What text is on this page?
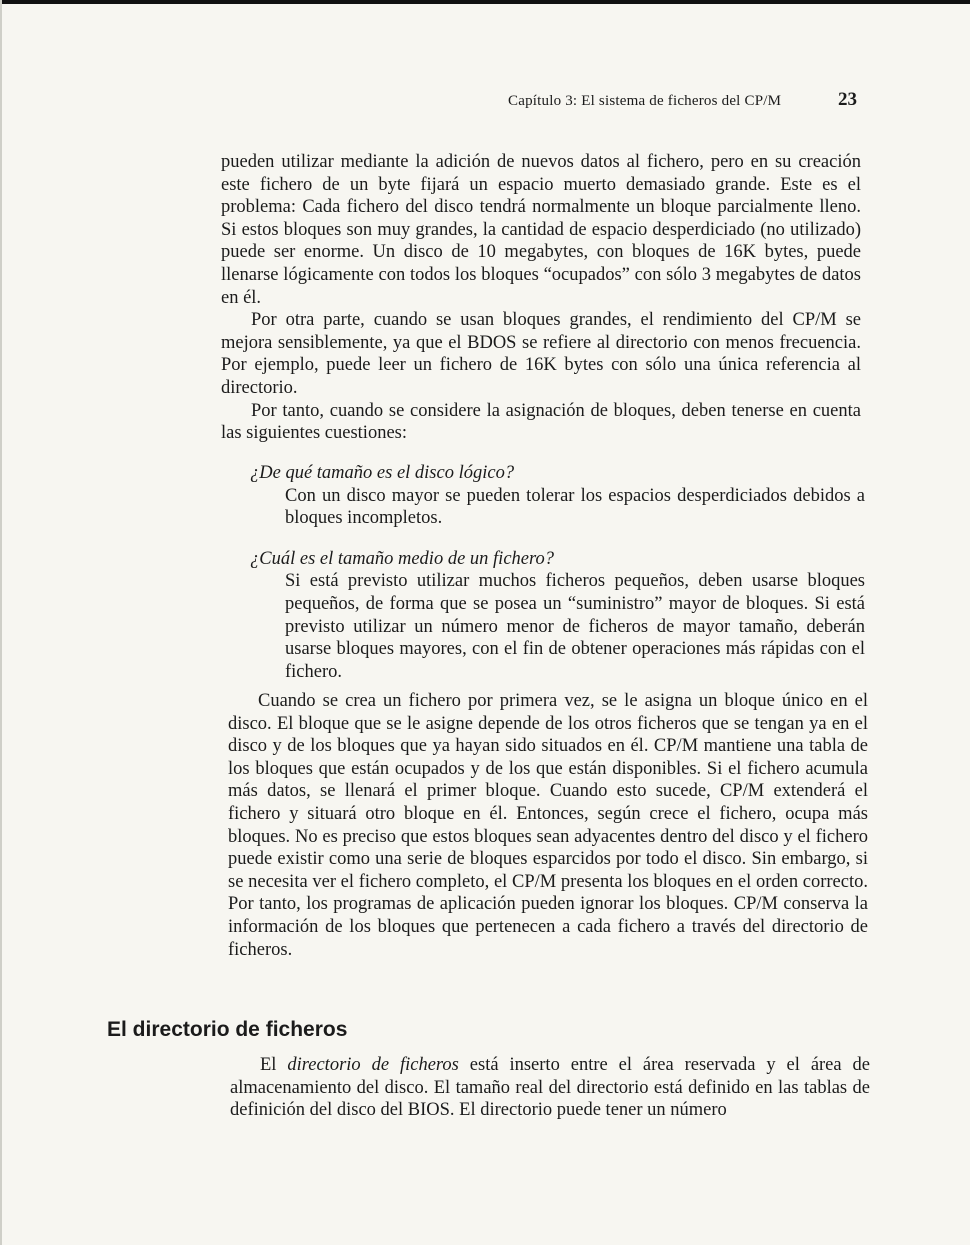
Capítulo 3: El sistema de ficheros del CP/M	23

pueden utilizar mediante la adición de nuevos datos al fichero, pero en su creación este fichero de un byte fijará un espacio muerto demasiado grande. Este es el problema: Cada fichero del disco tendrá normalmente un bloque parcialmente lleno. Si estos bloques son muy grandes, la cantidad de espacio desperdiciado (no utilizado) puede ser enorme. Un disco de 10 megabytes, con bloques de 16K bytes, puede llenarse lógicamente con todos los bloques “ocupados” con sólo 3 megabytes de datos en él.

Por otra parte, cuando se usan bloques grandes, el rendimiento del CP/M se mejora sensiblemente, ya que el BDOS se refiere al directorio con menos frecuencia. Por ejemplo, puede leer un fichero de 16K bytes con sólo una única referencia al directorio.

Por tanto, cuando se considere la asignación de bloques, deben tenerse en cuenta las siguientes cuestiones:

¿De qué tamaño es el disco lógico?

Con un disco mayor se pueden tolerar los espacios desperdiciados debidos a bloques incompletos.

¿Cuál es el tamaño medio de un fichero?

Si está previsto utilizar muchos ficheros pequeños, deben usarse bloques pequeños, de forma que se posea un “suministro” mayor de bloques. Si está previsto utilizar un número menor de ficheros de mayor tamaño, deberán usarse bloques mayores, con el fin de obtener operaciones más rápidas con el fichero.

Cuando se crea un fichero por primera vez, se le asigna un bloque único en el disco. El bloque que se le asigne depende de los otros ficheros que se tengan ya en el disco y de los bloques que ya hayan sido situados en él. CP/M mantiene una tabla de los bloques que están ocupados y de los que están disponibles. Si el fichero acumula más datos, se llenará el primer bloque. Cuando esto sucede, CP/M extenderá el fichero y situará otro bloque en él. Entonces, según crece el fichero, ocupa más bloques. No es preciso que estos bloques sean adyacentes dentro del disco y el fichero puede existir como una serie de bloques esparcidos por todo el disco. Sin embargo, si se necesita ver el fichero completo, el CP/M presenta los bloques en el orden correcto. Por tanto, los programas de aplicación pueden ignorar los bloques. CP/M conserva la información de los bloques que pertenecen a cada fichero a través del directorio de ficheros.

El directorio de ficheros

El directorio de ficheros está inserto entre el área reservada y el área de almacenamiento del disco. El tamaño real del directorio está definido en las tablas de definición del disco del BIOS. El directorio puede tener un número
